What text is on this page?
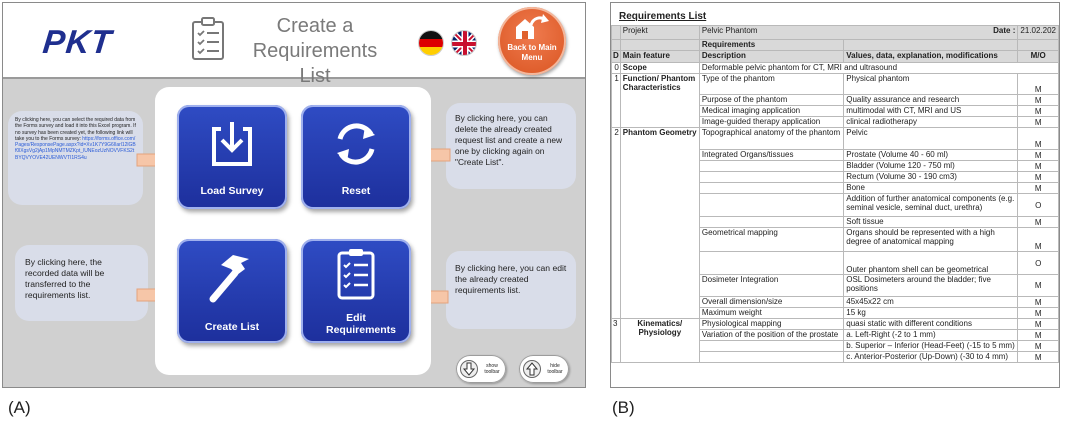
PKT	Create a Requirements List
Back to Main Menu
By clicking here, you can select the required data from the Forms survey and load it into this Excel program. If no survey has been created yet, the following link will take you to the Forms survey: https://forms.office.com/Pages/ResponsePage.aspx?id=Xv1K7Y9G6Ilarl12lGBf0lXgsVg2jAp1MpNMTMZKpt_lUNEozUzNOVVFKS2tBYQVYOVE42UENWVTI1RS4u
By clicking here, you can delete the already created request list and create a new one by clicking again on "Create List".
By clicking here, the recorded data will be transferred to the requirements list.
By clicking here, you can edit the already created requirements list.
Load Survey	Reset
Create List
Edit Requirements
show toolbar
hide toolbar
Requirements List
	Projekt	Pelvic Phantom	Date :	21.02.202
		Requirements		
D	Main feature	Description	Values, data, explanation, modifications	M/O
0	Scope	Deformable pelvic phantom for CT, MRI and ultrasound		
1	Function/ Phantom Characteristics	Type of the phantom	Physical phantom	M
		Purpose of the phantom	Quality assurance and research	M
		Medical imaging application	multimodal with CT, MRI and US	M
		Image-guided therapy application	clinical radiotherapy	M
2	Phantom Geometry	Topographical anatomy of the phantom	Pelvic	M
		Integrated Organs/tissues	Prostate (Volume 40 - 60 ml)	M
			Bladder (Volume 120 - 750 ml)	M
			Rectum (Volume 30 - 190 cm3)	M
			Bone	M
			Addition of further anatomical components (e.g. seminal vesicle, seminal duct, urethra)	O
			Soft tissue	M
		Geometrical mapping	Organs should be represented with a high degree of anatomical mapping	M
			Outer phantom shell can be geometrical	O
		Dosimeter Integration	OSL Dosimeters around the bladder; five positions	M
		Overall dimension/size	45x45x22 cm	M
		Maximum weight	15 kg	M
3	Kinematics/ Physiology	Physiological mapping	quasi static with different conditions	M
		Variation of the position of the prostate	a. Left-Right (-2 to 1 mm)	M
			b. Superior – Inferior (Head-Feet) (-15 to 5 mm)	M
			c. Anterior-Posterior (Up-Down) (-30 to 4 mm)	M
(A)	(B)
